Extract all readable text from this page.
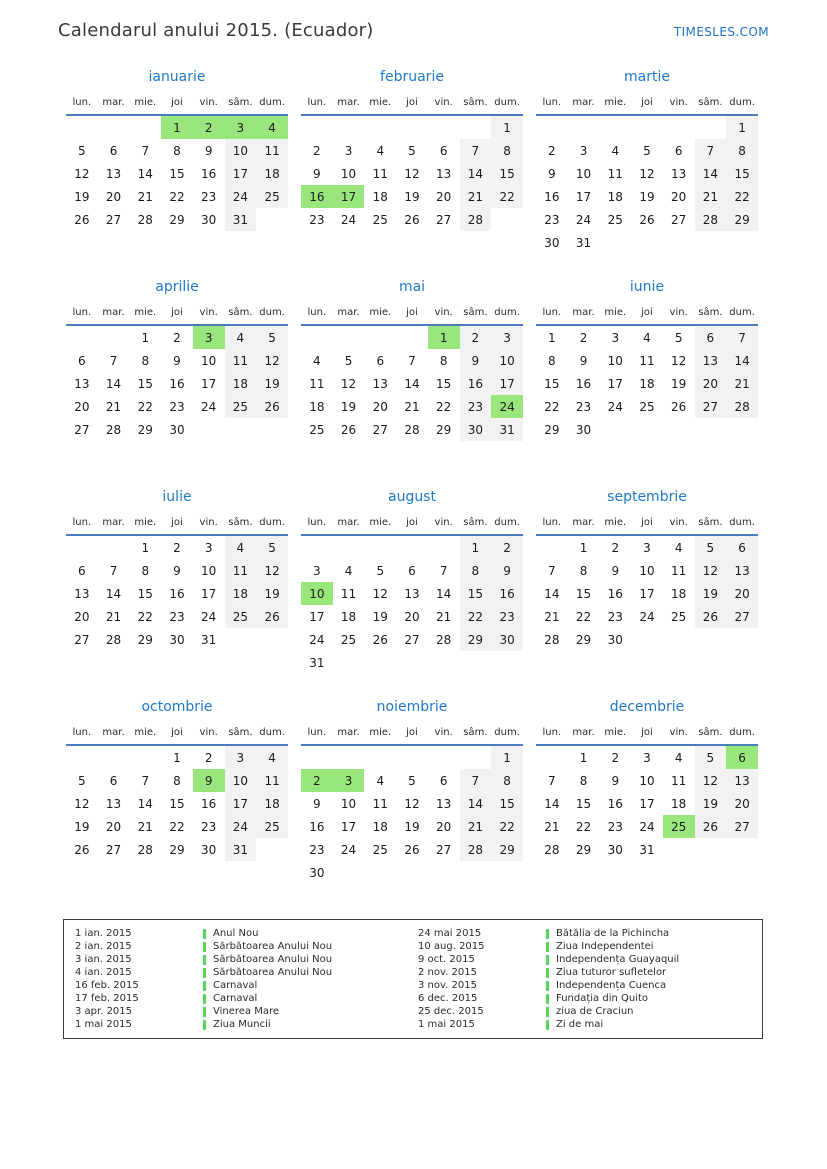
Calendarul anului 2015. (Ecuador)	TIMESLES.COM
ianuarie
lun.	mar.	mie.	joi	vin.	sâm.	dum.
			1	2	3	4
5	6	7	8	9	10	11
12	13	14	15	16	17	18
19	20	21	22	23	24	25
26	27	28	29	30	31	
februarie
lun.	mar.	mie.	joi	vin.	sâm.	dum.
						1
2	3	4	5	6	7	8
9	10	11	12	13	14	15
16	17	18	19	20	21	22
23	24	25	26	27	28	
martie
lun.	mar.	mie.	joi	vin.	sâm.	dum.
						1
2	3	4	5	6	7	8
9	10	11	12	13	14	15
16	17	18	19	20	21	22
23	24	25	26	27	28	29
30	31					
aprilie
lun.	mar.	mie.	joi	vin.	sâm.	dum.
		1	2	3	4	5
6	7	8	9	10	11	12
13	14	15	16	17	18	19
20	21	22	23	24	25	26
27	28	29	30			
mai
lun.	mar.	mie.	joi	vin.	sâm.	dum.
				1	2	3
4	5	6	7	8	9	10
11	12	13	14	15	16	17
18	19	20	21	22	23	24
25	26	27	28	29	30	31
iunie
lun.	mar.	mie.	joi	vin.	sâm.	dum.
1	2	3	4	5	6	7
8	9	10	11	12	13	14
15	16	17	18	19	20	21
22	23	24	25	26	27	28
29	30					
iulie
lun.	mar.	mie.	joi	vin.	sâm.	dum.
		1	2	3	4	5
6	7	8	9	10	11	12
13	14	15	16	17	18	19
20	21	22	23	24	25	26
27	28	29	30	31		
august
lun.	mar.	mie.	joi	vin.	sâm.	dum.
					1	2
3	4	5	6	7	8	9
10	11	12	13	14	15	16
17	18	19	20	21	22	23
24	25	26	27	28	29	30
31						
septembrie
lun.	mar.	mie.	joi	vin.	sâm.	dum.
	1	2	3	4	5	6
7	8	9	10	11	12	13
14	15	16	17	18	19	20
21	22	23	24	25	26	27
28	29	30				
octombrie
lun.	mar.	mie.	joi	vin.	sâm.	dum.
			1	2	3	4
5	6	7	8	9	10	11
12	13	14	15	16	17	18
19	20	21	22	23	24	25
26	27	28	29	30	31	
noiembrie
lun.	mar.	mie.	joi	vin.	sâm.	dum.
						1
2	3	4	5	6	7	8
9	10	11	12	13	14	15
16	17	18	19	20	21	22
23	24	25	26	27	28	29
30						
decembrie
lun.	mar.	mie.	joi	vin.	sâm.	dum.
	1	2	3	4	5	6
7	8	9	10	11	12	13
14	15	16	17	18	19	20
21	22	23	24	25	26	27
28	29	30	31			
1 ian. 2015	Anul Nou
2 ian. 2015	Sărbătoarea Anului Nou
3 ian. 2015	Sărbătoarea Anului Nou
4 ian. 2015	Sărbătoarea Anului Nou
16 feb. 2015	Carnaval
17 feb. 2015	Carnaval
3 apr. 2015	Vinerea Mare
1 mai 2015	Ziua Muncii
24 mai 2015	Bătălia de la Pichincha
10 aug. 2015	Ziua Independentei
9 oct. 2015	Independența Guayaquil
2 nov. 2015	Ziua tuturor sufletelor
3 nov. 2015	Independența Cuenca
6 dec. 2015	Fundația din Quito
25 dec. 2015	ziua de Craciun
1 mai 2015	Zi de mai
